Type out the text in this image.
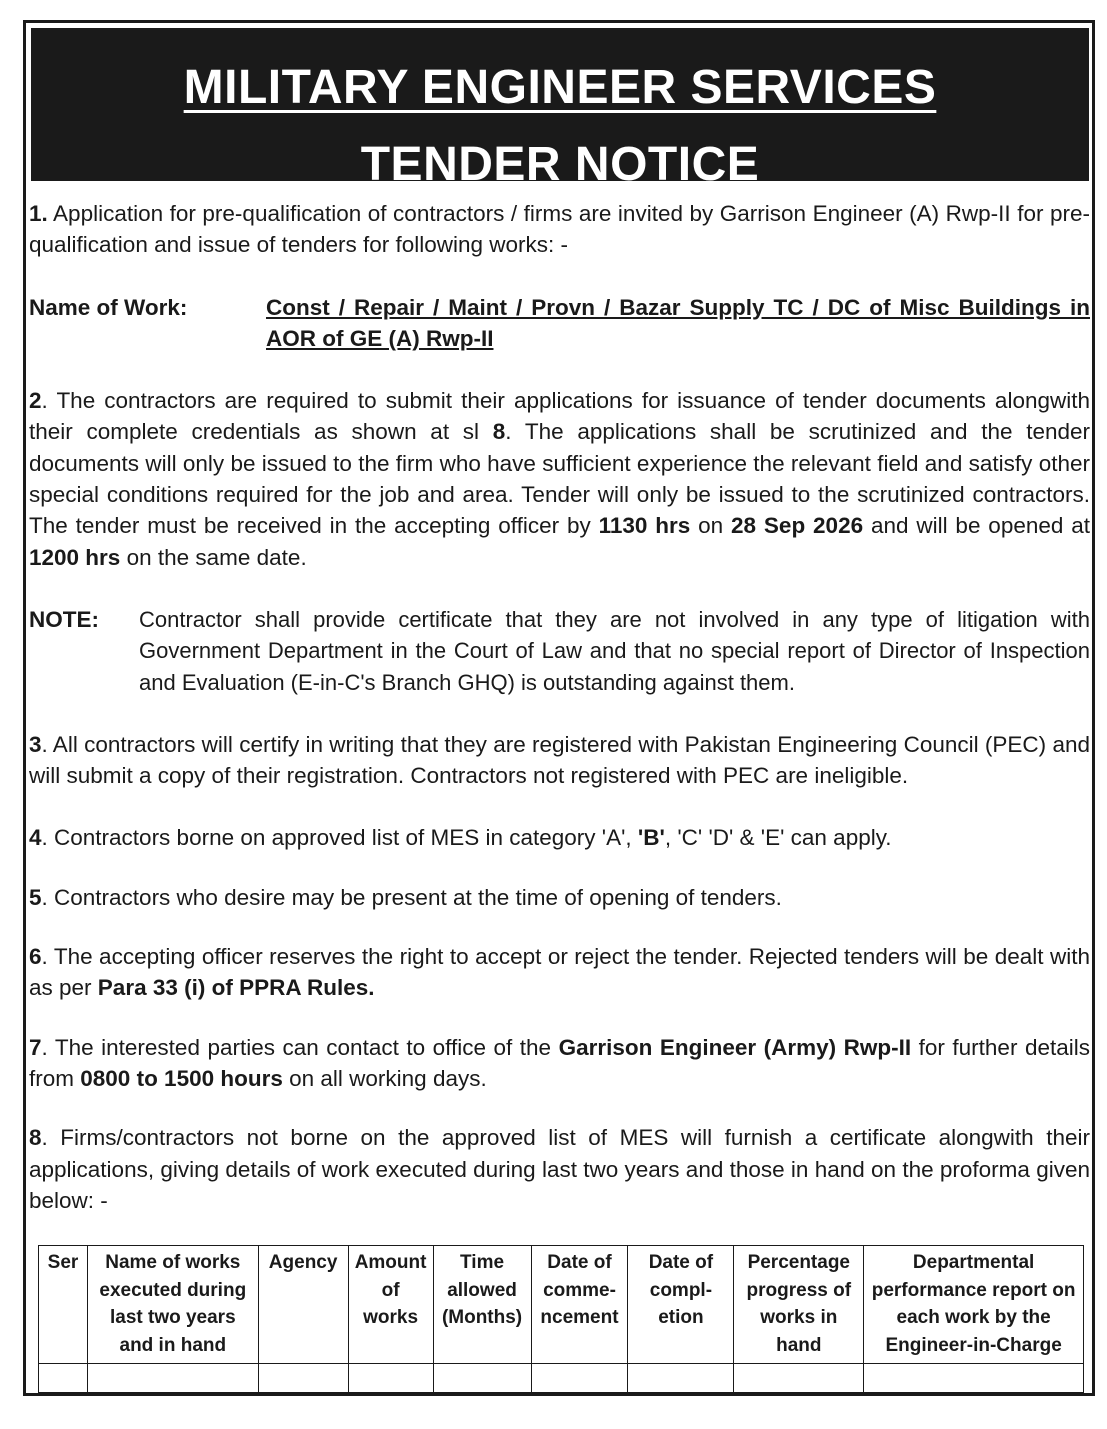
MILITARY ENGINEER SERVICES
TENDER NOTICE

1. Application for pre-qualification of contractors / firms are invited by Garrison Engineer (A) Rwp-II for pre-qualification and issue of tenders for following works: -

Name of Work:	Const / Repair / Maint / Provn / Bazar Supply TC / DC of Misc Buildings in AOR of GE (A) Rwp-II

2. The contractors are required to submit their applications for issuance of tender documents alongwith their complete credentials as shown at sl 8. The applications shall be scrutinized and the tender documents will only be issued to the firm who have sufficient experience the relevant field and satisfy other special conditions required for the job and area. Tender will only be issued to the scrutinized contractors. The tender must be received in the accepting officer by 1130 hrs on 28 Sep 2026 and will be opened at 1200 hrs on the same date.

NOTE:	Contractor shall provide certificate that they are not involved in any type of litigation with Government Department in the Court of Law and that no special report of Director of Inspection and Evaluation (E-in-C's Branch GHQ) is outstanding against them.

3. All contractors will certify in writing that they are registered with Pakistan Engineering Council (PEC) and will submit a copy of their registration. Contractors not registered with PEC are ineligible.

4. Contractors borne on approved list of MES in category 'A', 'B', 'C' 'D' & 'E' can apply.

5. Contractors who desire may be present at the time of opening of tenders.

6. The accepting officer reserves the right to accept or reject the tender. Rejected tenders will be dealt with as per Para 33 (i) of PPRA Rules.

7. The interested parties can contact to office of the Garrison Engineer (Army) Rwp-II for further details from 0800 to 1500 hours on all working days.

8. Firms/contractors not borne on the approved list of MES will furnish a certificate alongwith their applications, giving details of work executed during last two years and those in hand on the proforma given below: -

Ser	Name of works executed during last two years and in hand	Agency	Amount of works	Time allowed (Months)	Date of comme-ncement	Date of compl-etion	Percentage progress of works in hand	Departmental performance report on each work by the Engineer-in-Charge
